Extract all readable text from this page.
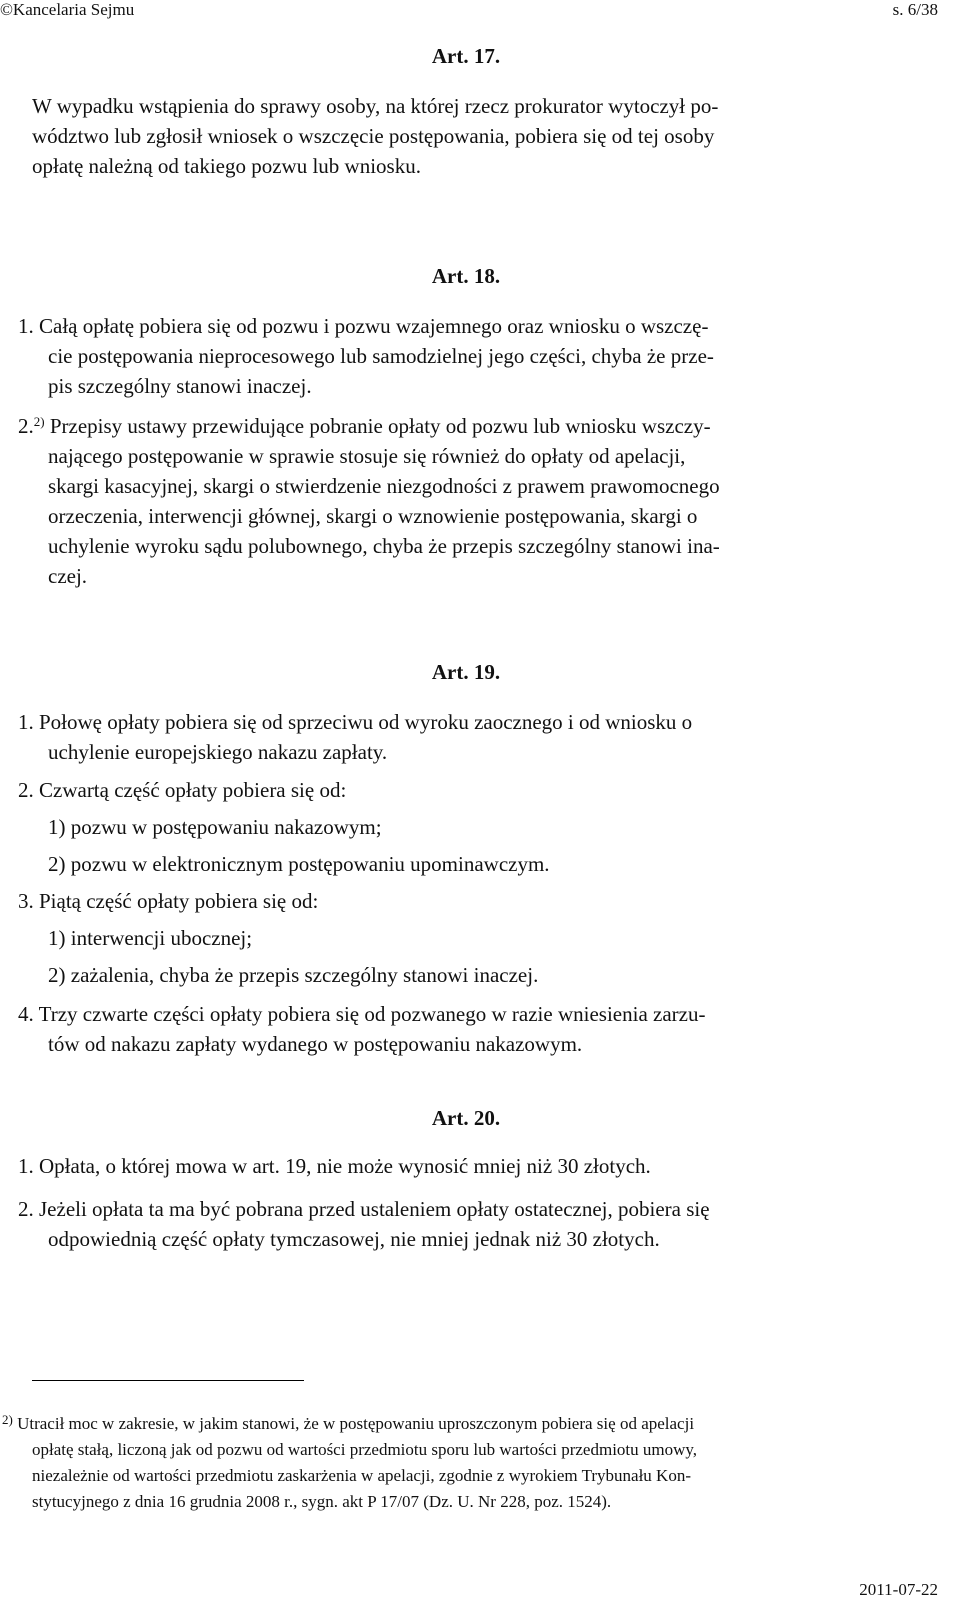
©Kancelaria Sejmu	s. 6/38
Art. 17.
W wypadku wstąpienia do sprawy osoby, na której rzecz prokurator wytoczył po-
wództwo lub zgłosił wniosek o wszczęcie postępowania, pobiera się od tej osoby
opłatę należną od takiego pozwu lub wniosku.
Art. 18.
1. Całą opłatę pobiera się od pozwu i pozwu wzajemnego oraz wniosku o wszczę-
cie postępowania nieprocesowego lub samodzielnej jego części, chyba że prze-
pis szczególny stanowi inaczej.
2.$^{2)}$ Przepisy ustawy przewidujące pobranie opłaty od pozwu lub wniosku wszczy-
nającego postępowanie w sprawie stosuje się również do opłaty od apelacji,
skargi kasacyjnej, skargi o stwierdzenie niezgodności z prawem prawomocnego
orzeczenia, interwencji głównej, skargi o wznowienie postępowania, skargi o
uchylenie wyroku sądu polubownego, chyba że przepis szczególny stanowi ina-
czej.
Art. 19.
1. Połowę opłaty pobiera się od sprzeciwu od wyroku zaocznego i od wniosku o
uchylenie europejskiego nakazu zapłaty.
2. Czwartą część opłaty pobiera się od:
1) pozwu w postępowaniu nakazowym;
2) pozwu w elektronicznym postępowaniu upominawczym.
3. Piątą część opłaty pobiera się od:
1) interwencji ubocznej;
2) zażalenia, chyba że przepis szczególny stanowi inaczej.
4. Trzy czwarte części opłaty pobiera się od pozwanego w razie wniesienia zarzu-
tów od nakazu zapłaty wydanego w postępowaniu nakazowym.
Art. 20.
1. Opłata, o której mowa w art. 19, nie może wynosić mniej niż 30 złotych.
2. Jeżeli opłata ta ma być pobrana przed ustaleniem opłaty ostatecznej, pobiera się
odpowiednią część opłaty tymczasowej, nie mniej jednak niż 30 złotych.
$^{2)}$ Utracił moc w zakresie, w jakim stanowi, że w postępowaniu uproszczonym pobiera się od apelacji
opłatę stałą, liczoną jak od pozwu od wartości przedmiotu sporu lub wartości przedmiotu umowy,
niezależnie od wartości przedmiotu zaskarżenia w apelacji, zgodnie z wyrokiem Trybunału Kon-
stytucyjnego z dnia 16 grudnia 2008 r., sygn. akt P 17/07 (Dz. U. Nr 228, poz. 1524).
2011-07-22
